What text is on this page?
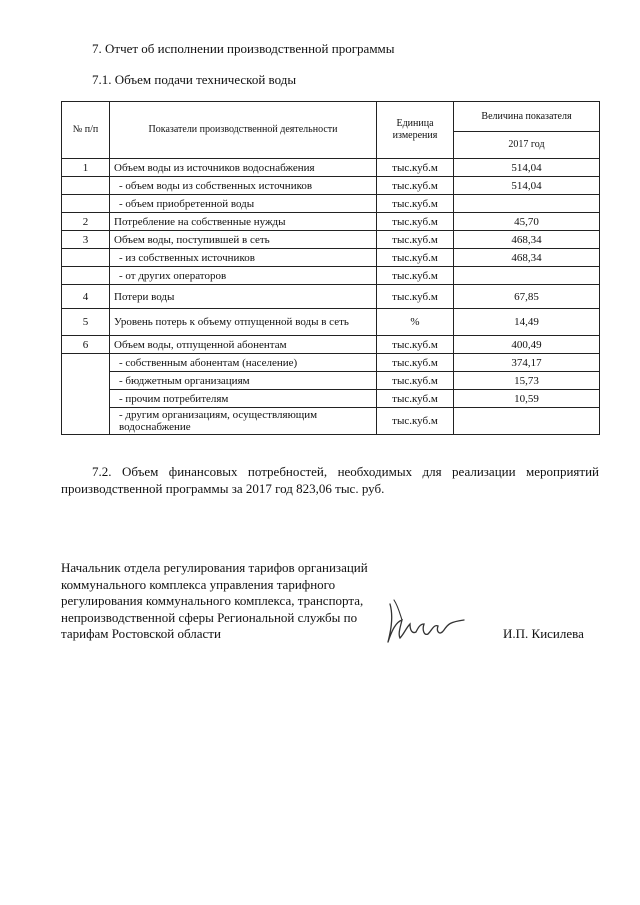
7. Отчет об исполнении производственной программы
7.1. Объем подачи технической воды
№ п/п	Показатели производственной деятельности	Единица измерения	Величина показателя
			2017 год
1	Объем воды из источников водоснабжения	тыс.куб.м	514,04
	- объем воды из собственных источников	тыс.куб.м	514,04
	- объем приобретенной воды	тыс.куб.м	
2	Потребление на собственные нужды	тыс.куб.м	45,70
3	Объем воды, поступившей в сеть	тыс.куб.м	468,34
	- из собственных источников	тыс.куб.м	468,34
	- от других операторов	тыс.куб.м	
4	Потери воды	тыс.куб.м	67,85
5	Уровень потерь к объему отпущенной воды в сеть	%	14,49
6	Объем воды, отпущенной абонентам	тыс.куб.м	400,49
	- собственным абонентам (население)	тыс.куб.м	374,17
	- бюджетным организациям	тыс.куб.м	15,73
	- прочим потребителям	тыс.куб.м	10,59
	- другим организациям, осуществляющим водоснабжение	тыс.куб.м	
7.2. Объем финансовых потребностей, необходимых для реализации мероприятий производственной программы за 2017 год 823,06 тыс. руб.
Начальник отдела регулирования тарифов организаций
коммунального комплекса управления тарифного
регулирования коммунального комплекса, транспорта,
непроизводственной сферы Региональной службы по
тарифам Ростовской области	И.П. Кисилева
